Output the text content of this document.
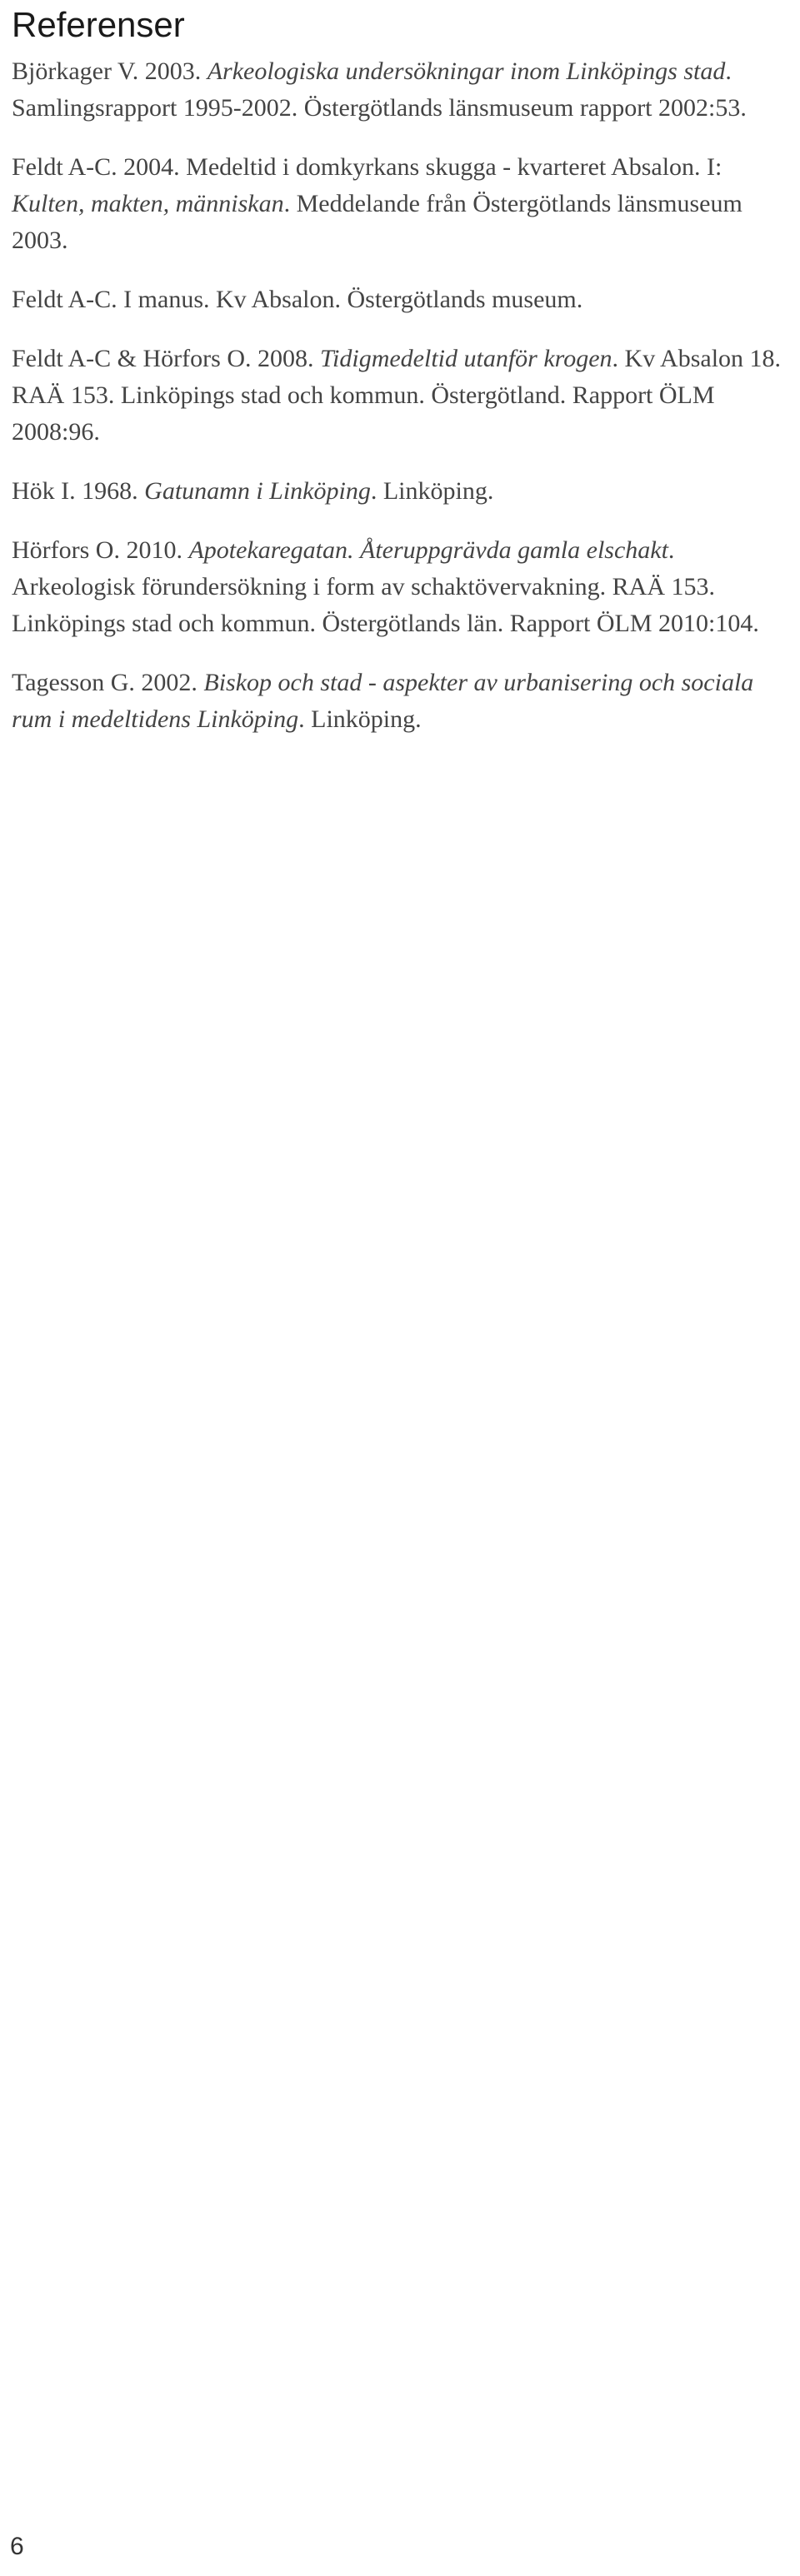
Referenser
Björkager V. 2003. Arkeologiska undersökningar inom Linköpings stad. Samlingsrapport 1995-2002. Östergötlands länsmuseum rapport 2002:53.
Feldt A-C. 2004. Medeltid i domkyrkans skugga - kvarteret Absalon. I: Kulten, makten, människan. Meddelande från Östergötlands länsmuseum 2003.
Feldt A-C. I manus. Kv Absalon. Östergötlands museum.
Feldt A-C & Hörfors O. 2008. Tidigmedeltid utanför krogen. Kv Absalon 18. RAÄ 153. Linköpings stad och kommun. Östergötland. Rapport ÖLM 2008:96.
Hök I. 1968. Gatunamn i Linköping. Linköping.
Hörfors O. 2010. Apotekaregatan. Återuppgrävda gamla elschakt. Arkeologisk förundersökning i form av schaktövervakning. RAÄ 153. Linköpings stad och kommun. Östergötlands län. Rapport ÖLM 2010:104.
Tagesson G. 2002. Biskop och stad - aspekter av urbanisering och sociala rum i medeltidens Linköping. Linköping.
6
